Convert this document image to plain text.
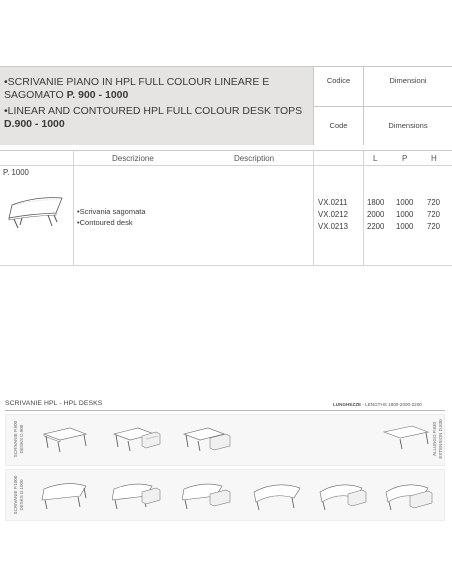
•SCRIVANIE PIANO IN HPL FULL COLOUR LINEARE E SAGOMATO P. 900 - 1000
•LINEAR AND CONTOURED HPL FULL COLOUR DESK TOPS
D.900 - 1000
Codice
Code
Dimensioni
Dimensions
Descrizione	Description	L	P	H
P. 1000
•Scrivania sagomata
•Contoured desk
VX.0211	1800 1000 720
VX.0212 2000 1000 720
VX.0213 2200 1000 720
SCRIVANIE HPL - HPL DESKS	LUNGHEZZE - LENGTHS 1800-2000-2200
SCRIVANIE P.900 DESKS D.900	ALLUNGO P.830 EXTENSION D.830
SCRIVANIE P.1000 DESKS D.1000
